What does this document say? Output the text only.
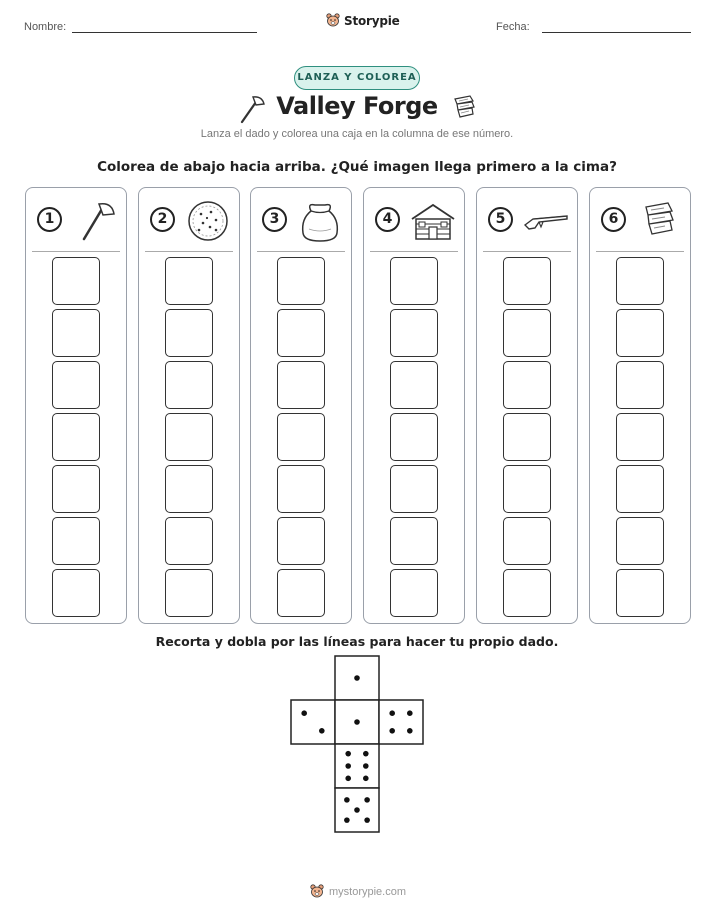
Nombre:	Storypie	Fecha:
LANZA Y COLOREA
Valley Forge
Lanza el dado y colorea una caja en la columna de ese número.
Colorea de abajo hacia arriba. ¿Qué imagen llega primero a la cima?
1	2	3	4	5	6
Recorta y dobla por las líneas para hacer tu propio dado.
mystorypie.com
